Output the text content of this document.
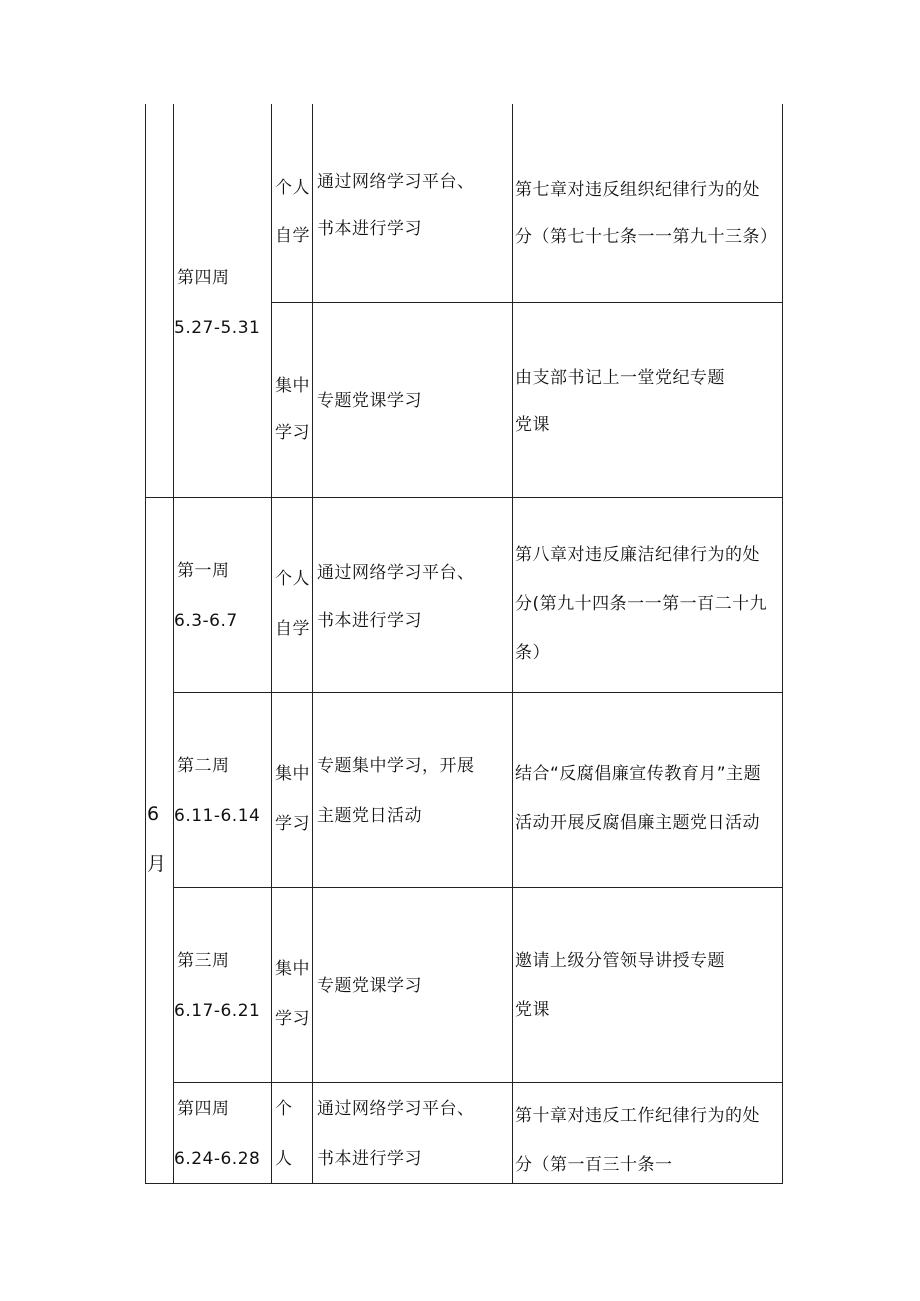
第四周
5.27-5.31
个人
自学
通过网络学习平台、
书本进行学习
第七章对违反组织纪律行为的处
分（第七十七条一一第九十三条）
集中
学习
专题党课学习
由支部书记上一堂党纪专题
党课
6
月
第一周
6.3-6.7
个人
自学
通过网络学习平台、
书本进行学习
第八章对违反廉洁纪律行为的处
分(第九十四条一一第一百二十九
条）
第二周
6.11-6.14
集中
学习
专题集中学习，开展
主题党日活动
结合“反腐倡廉宣传教育月”主题
活动开展反腐倡廉主题党日活动
第三周
6.17-6.21
集中
学习
专题党课学习
邀请上级分管领导讲授专题
党课
第四周
6.24-6.28
个
人
通过网络学习平台、
书本进行学习
第十章对违反工作纪律行为的处
分（第一百三十条一
